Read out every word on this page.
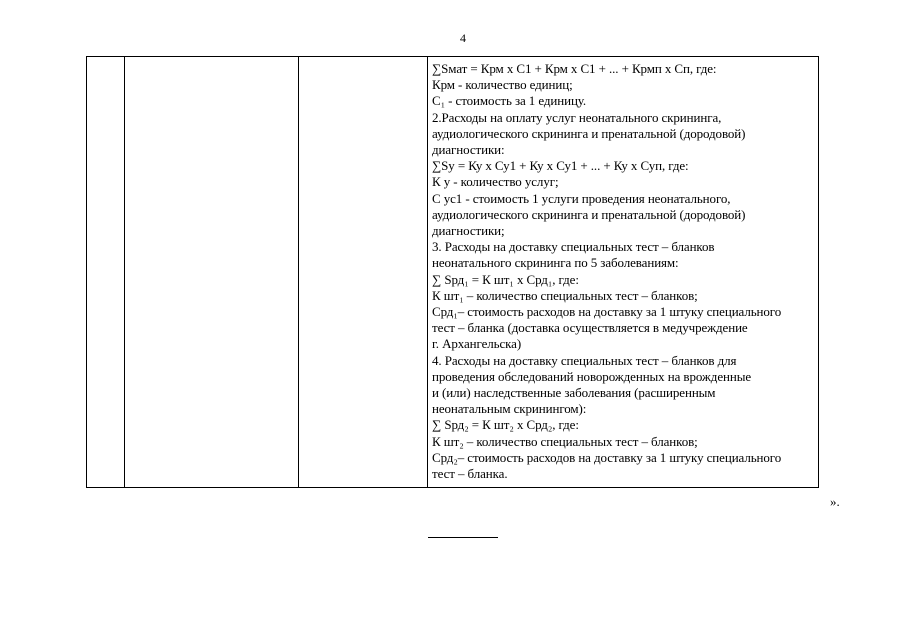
4
∑Sмат = Крм x С1 + Крм x С1 + ... + Крмп x Сп, где:
Крм - количество единиц;
С₁ - стоимость за 1 единицу.
2.Расходы на оплату услуг неонатального скрининга,
аудиологического скрининга и пренатальной (дородовой)
диагностики:
∑Sу = Ку x Су1 + Ку x Су1 + ... + Ку x Суп, где:
К у - количество услуг;
С ус1 - стоимость 1 услуги проведения неонатального,
аудиологического скрининга и пренатальной (дородовой)
диагностики;
3. Расходы на доставку специальных тест – бланков
неонатального скрининга по 5 заболеваниям:
∑ Sрд₁ = К шт₁ х Срд₁, где:
К шт₁ – количество специальных тест – бланков;
Срд₁– стоимость расходов на доставку за 1 штуку специального
тест – бланка (доставка осуществляется в медучреждение
г. Архангельска)
4. Расходы на доставку специальных тест – бланков для
проведения обследований новорожденных на врожденные
и (или) наследственные заболевания (расширенным
неонатальным скринингом):
∑ Sрд₂ = К шт₂ х Срд₂, где:
К шт₂ – количество специальных тест – бланков;
Срд₂– стоимость расходов на доставку за 1 штуку специального
тест – бланка.
».
